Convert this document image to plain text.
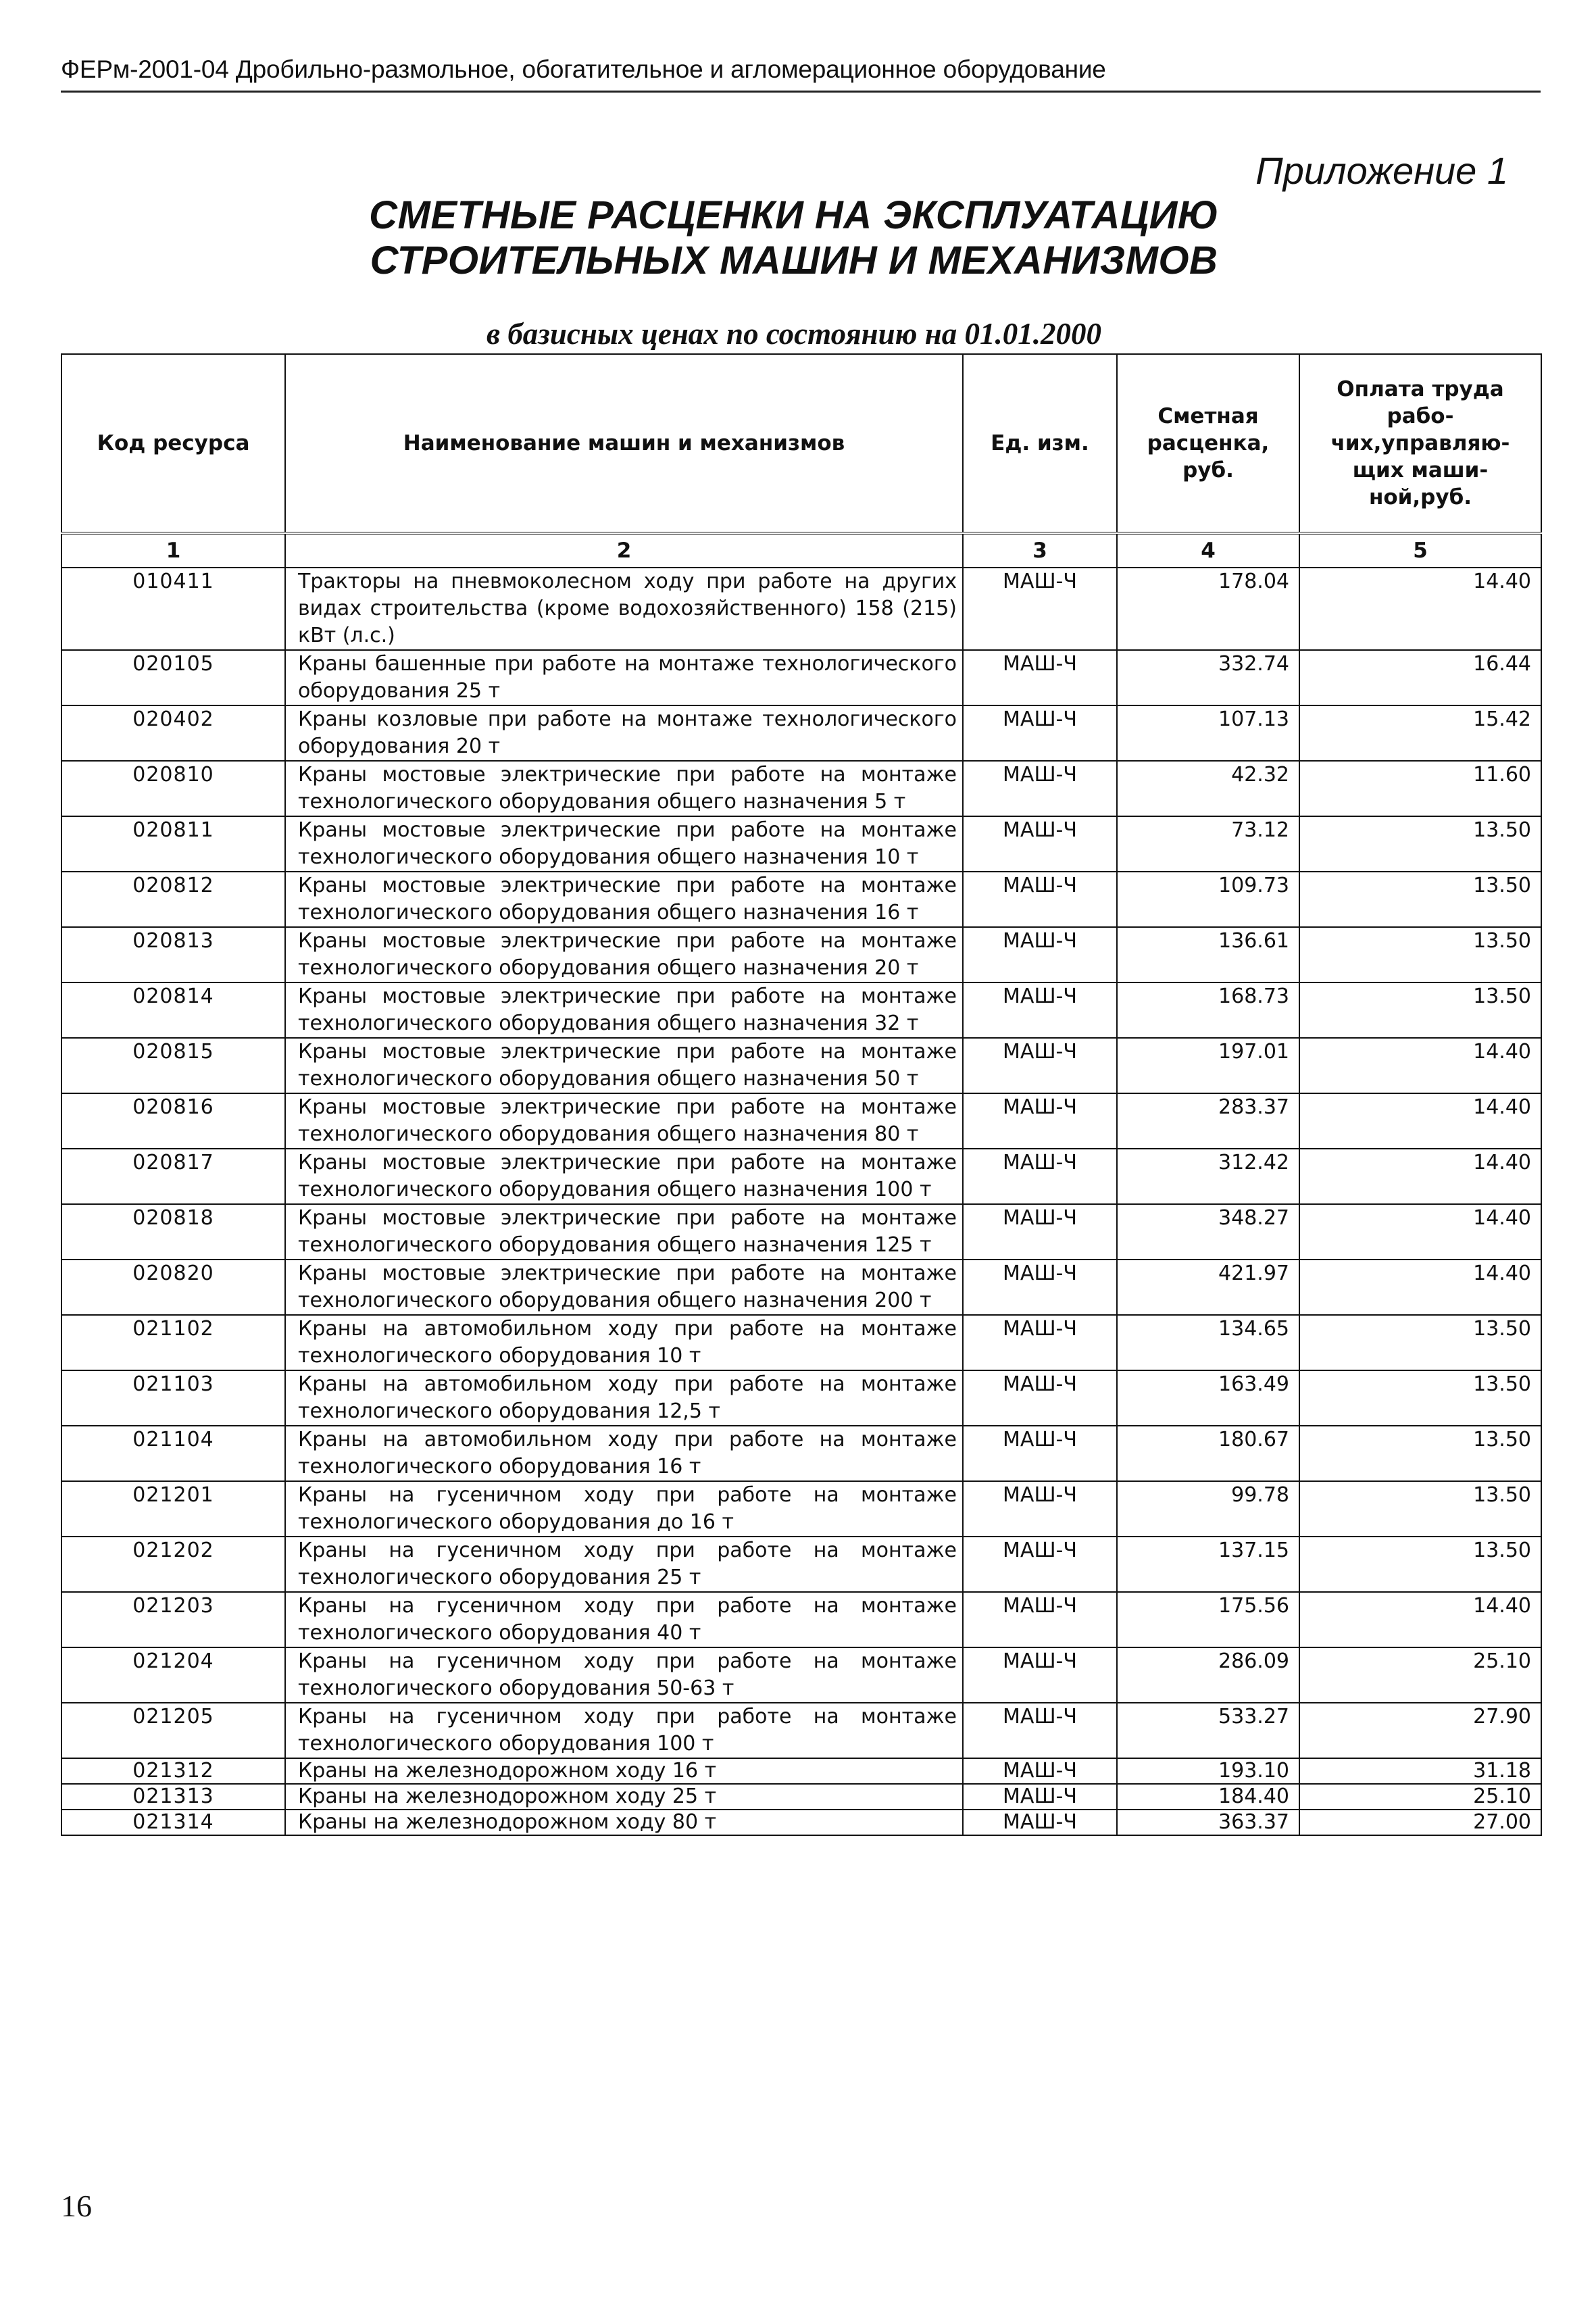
ФЕРм-2001-04 Дробильно-размольное, обогатительное и агломерационное оборудование
Приложение 1
СМЕТНЫЕ РАСЦЕНКИ НА ЭКСПЛУАТАЦИЮ
СТРОИТЕЛЬНЫХ МАШИН И МЕХАНИЗМОВ
в базисных ценах по состоянию на 01.01.2000
Код ресурса	Наименование машин и механизмов	Ед. изм.	Сметная расценка, руб.	Оплата труда рабо- чих,управляю- щих маши- ной,руб.
1	2	3	4	5
010411	Тракторы на пневмоколесном ходу при работе на других видах строительства (кроме водохозяйственного) 158 (215) кВт (л.с.)	МАШ-Ч	178.04	14.40
020105	Краны башенные при работе на монтаже технологического оборудования 25 т	МАШ-Ч	332.74	16.44
020402	Краны козловые при работе на монтаже технологического оборудования 20 т	МАШ-Ч	107.13	15.42
020810	Краны мостовые электрические при работе на монтаже технологического оборудования общего назначения 5 т	МАШ-Ч	42.32	11.60
020811	Краны мостовые электрические при работе на монтаже технологического оборудования общего назначения 10 т	МАШ-Ч	73.12	13.50
020812	Краны мостовые электрические при работе на монтаже технологического оборудования общего назначения 16 т	МАШ-Ч	109.73	13.50
020813	Краны мостовые электрические при работе на монтаже технологического оборудования общего назначения 20 т	МАШ-Ч	136.61	13.50
020814	Краны мостовые электрические при работе на монтаже технологического оборудования общего назначения 32 т	МАШ-Ч	168.73	13.50
020815	Краны мостовые электрические при работе на монтаже технологического оборудования общего назначения 50 т	МАШ-Ч	197.01	14.40
020816	Краны мостовые электрические при работе на монтаже технологического оборудования общего назначения 80 т	МАШ-Ч	283.37	14.40
020817	Краны мостовые электрические при работе на монтаже технологического оборудования общего назначения 100 т	МАШ-Ч	312.42	14.40
020818	Краны мостовые электрические при работе на монтаже технологического оборудования общего назначения 125 т	МАШ-Ч	348.27	14.40
020820	Краны мостовые электрические при работе на монтаже технологического оборудования общего назначения 200 т	МАШ-Ч	421.97	14.40
021102	Краны на автомобильном ходу при работе на монтаже технологического оборудования 10 т	МАШ-Ч	134.65	13.50
021103	Краны на автомобильном ходу при работе на монтаже технологического оборудования 12,5 т	МАШ-Ч	163.49	13.50
021104	Краны на автомобильном ходу при работе на монтаже технологического оборудования 16 т	МАШ-Ч	180.67	13.50
021201	Краны на гусеничном ходу при работе на монтаже технологического оборудования до 16 т	МАШ-Ч	99.78	13.50
021202	Краны на гусеничном ходу при работе на монтаже технологического оборудования 25 т	МАШ-Ч	137.15	13.50
021203	Краны на гусеничном ходу при работе на монтаже технологического оборудования 40 т	МАШ-Ч	175.56	14.40
021204	Краны на гусеничном ходу при работе на монтаже технологического оборудования 50-63 т	МАШ-Ч	286.09	25.10
021205	Краны на гусеничном ходу при работе на монтаже технологического оборудования 100 т	МАШ-Ч	533.27	27.90
021312	Краны на железнодорожном ходу 16 т	МАШ-Ч	193.10	31.18
021313	Краны на железнодорожном ходу 25 т	МАШ-Ч	184.40	25.10
021314	Краны на железнодорожном ходу 80 т	МАШ-Ч	363.37	27.00
16
